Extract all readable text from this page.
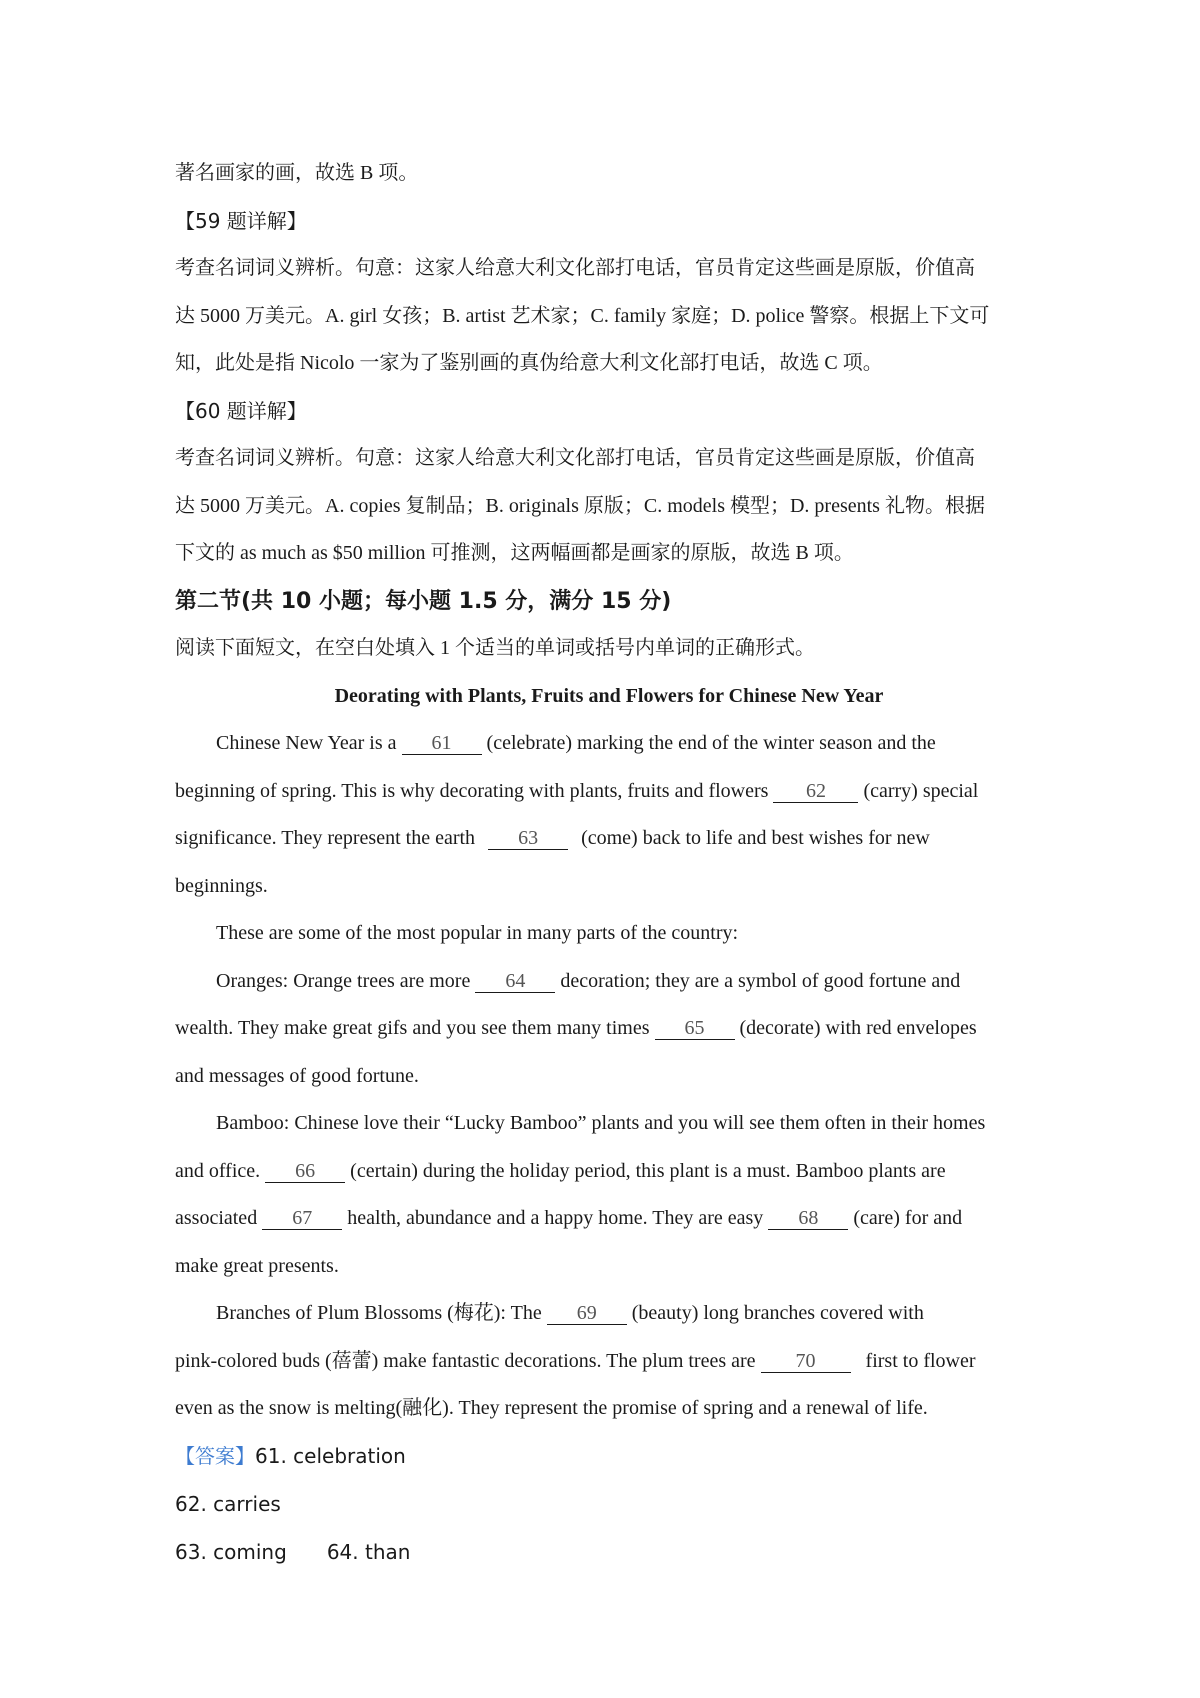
著名画家的画，故选 B 项。
【59 题详解】
考查名词词义辨析。句意：这家人给意大利文化部打电话，官员肯定这些画是原版，价值高
达 5000 万美元。A. girl 女孩；B. artist 艺术家；C. family 家庭；D. police 警察。根据上下文可
知，此处是指 Nicolo 一家为了鉴别画的真伪给意大利文化部打电话，故选 C 项。
【60 题详解】
考查名词词义辨析。句意：这家人给意大利文化部打电话，官员肯定这些画是原版，价值高
达 5000 万美元。A. copies 复制品；B. originals 原版；C. models 模型；D. presents 礼物。根据
下文的 as much as $50 million 可推测，这两幅画都是画家的原版，故选 B 项。
第二节(共 10 小题；每小题 1.5 分，满分 15 分)
阅读下面短文，在空白处填入 1 个适当的单词或括号内单词的正确形式。
Deorating with Plants, Fruits and Flowers for Chinese New Year
Chinese New Year is a 61 (celebrate) marking the end of the winter season and the
beginning of spring. This is why decorating with plants, fruits and flowers 62 (carry) special
significance. They represent the earth 63 (come) back to life and best wishes for new
beginnings.
These are some of the most popular in many parts of the country:
Oranges: Orange trees are more 64 decoration; they are a symbol of good fortune and
wealth. They make great gifs and you see them many times 65 (decorate) with red envelopes
and messages of good fortune.
Bamboo: Chinese love their “Lucky Bamboo” plants and you will see them often in their homes
and office. 66 (certain) during the holiday period, this plant is a must. Bamboo plants are
associated 67 health, abundance and a happy home. They are easy 68 (care) for and
make great presents.
Branches of Plum Blossoms (梅花): The 69 (beauty) long branches covered with
pink-colored buds (蓓蕾) make fantastic decorations. The plum trees are 70 first to flower
even as the snow is melting(融化). They represent the promise of spring and a renewal of life.
【答案】61. celebration
62. carries
63. coming 64. than
